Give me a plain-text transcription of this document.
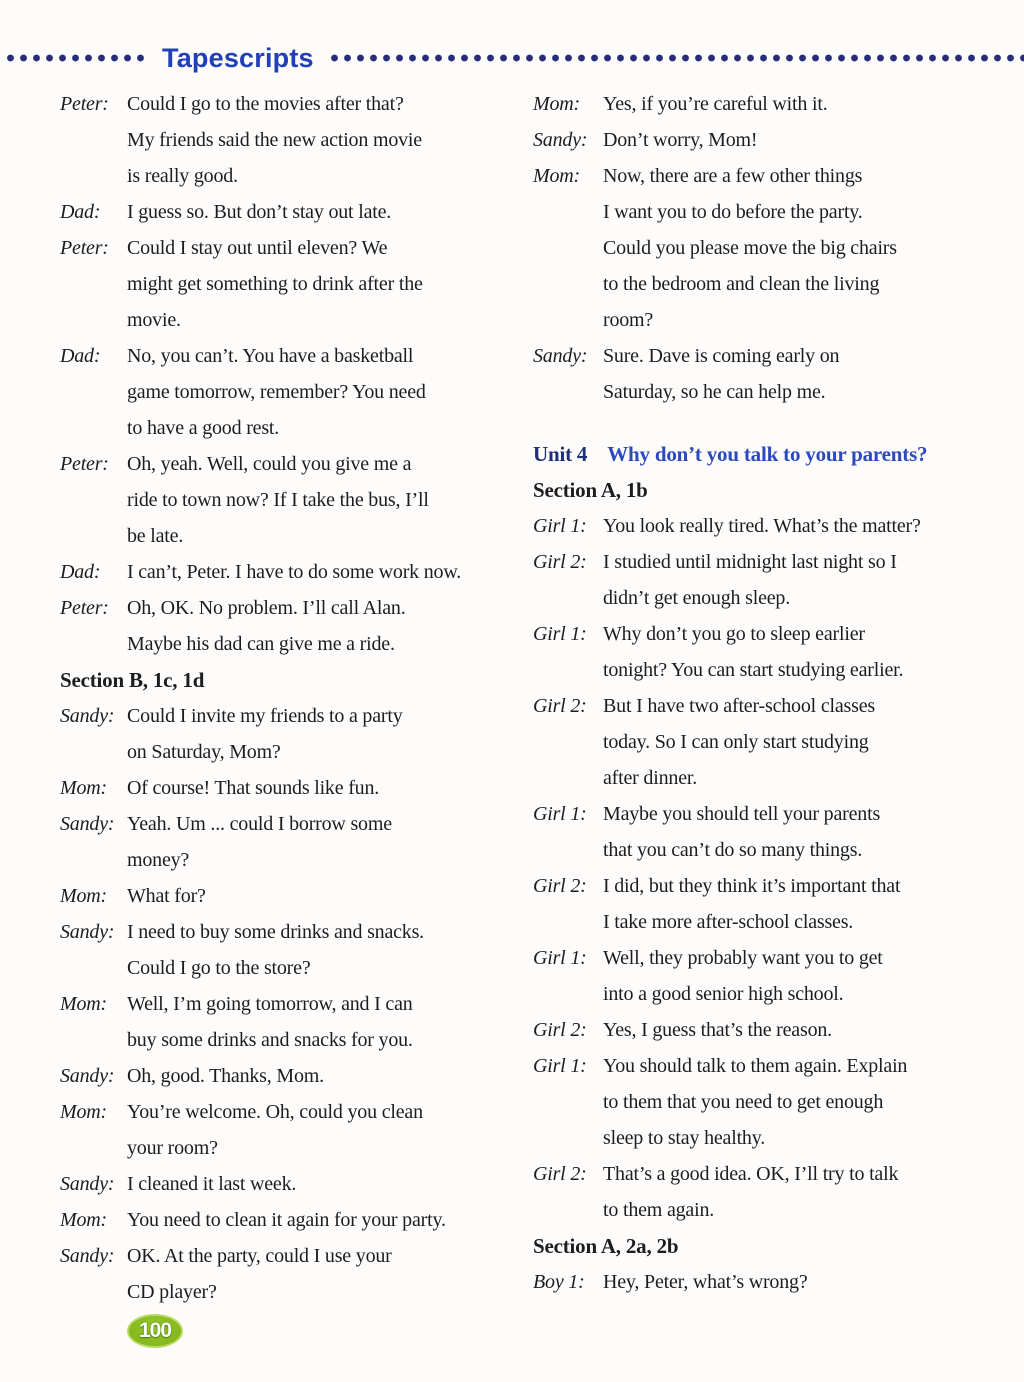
Tapescripts
Peter: Could I go to the movies after that?
My friends said the new action movie
is really good.
Dad:	I guess so. But don’t stay out late.
Peter: Could I stay out until eleven? We
might get something to drink after the
movie.
Dad:	No, you can’t. You have a basketball
game tomorrow, remember? You need
to have a good rest.
Peter: Oh, yeah. Well, could you give me a
ride to town now? If I take the bus, I’ll
be late.
Dad:	I can’t, Peter. I have to do some work now.
Peter: Oh, OK. No problem. I’ll call Alan.
Maybe his dad can give me a ride.
Section B, 1c, 1d
Sandy: Could I invite my friends to a party
on Saturday, Mom?
Mom:	Of course! That sounds like fun.
Sandy: Yeah. Um ... could I borrow some
money?
Mom:	What for?
Sandy: I need to buy some drinks and snacks.
Could I go to the store?
Mom:	Well, I’m going tomorrow, and I can
buy some drinks and snacks for you.
Sandy: Oh, good. Thanks, Mom.
Mom:	You’re welcome. Oh, could you clean
your room?
Sandy: I cleaned it last week.
Mom:	You need to clean it again for your party.
Sandy: OK. At the party, could I use your
CD player?
Mom:	Yes, if you’re careful with it.
Sandy: Don’t worry, Mom!
Mom:	Now, there are a few other things
I want you to do before the party.
Could you please move the big chairs
to the bedroom and clean the living
room?
Sandy: Sure. Dave is coming early on
Saturday, so he can help me.
Unit 4 Why don’t you talk to your parents?
Section A, 1b
Girl 1: You look really tired. What’s the matter?
Girl 2: I studied until midnight last night so I
didn’t get enough sleep.
Girl 1: Why don’t you go to sleep earlier
tonight? You can start studying earlier.
Girl 2: But I have two after-school classes
today. So I can only start studying
after dinner.
Girl 1: Maybe you should tell your parents
that you can’t do so many things.
Girl 2: I did, but they think it’s important that
I take more after-school classes.
Girl 1: Well, they probably want you to get
into a good senior high school.
Girl 2: Yes, I guess that’s the reason.
Girl 1: You should talk to them again. Explain
to them that you need to get enough
sleep to stay healthy.
Girl 2: That’s a good idea. OK, I’ll try to talk
to them again.
Section A, 2a, 2b
Boy 1: Hey, Peter, what’s wrong?
100
